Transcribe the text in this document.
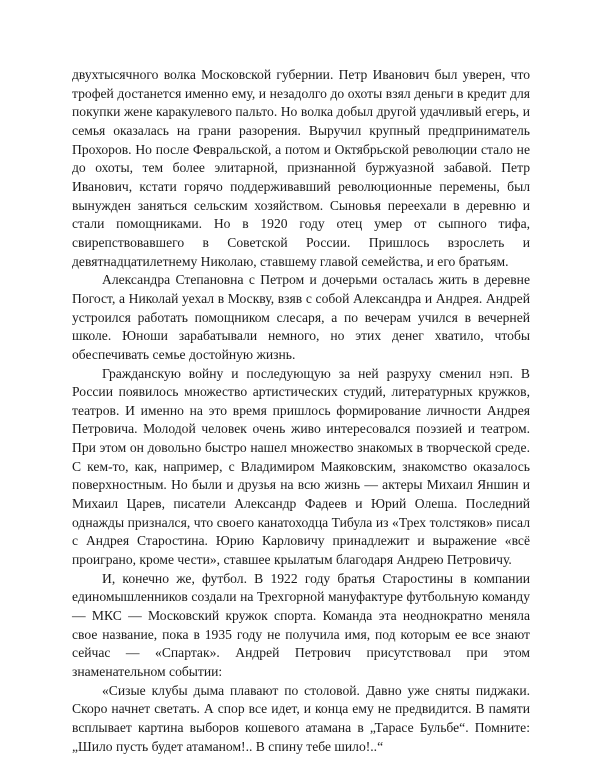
двухтысячного волка Московской губернии. Петр Иванович был уверен, что трофей достанется именно ему, и незадолго до охоты взял деньги в кредит для покупки жене каракулевого пальто. Но волка добыл другой удачливый егерь, и семья оказалась на грани разорения. Выручил крупный предприниматель Прохоров. Но после Февральской, а потом и Октябрьской революции стало не до охоты, тем более элитарной, признанной буржуазной забавой. Петр Иванович, кстати горячо поддерживавший революционные перемены, был вынужден заняться сельским хозяйством. Сыновья переехали в деревню и стали помощниками. Но в 1920 году отец умер от сыпного тифа, свирепствовавшего в Советской России. Пришлось взрослеть и девятнадцатилетнему Николаю, ставшему главой семейства, и его братьям.

Александра Степановна с Петром и дочерьми осталась жить в деревне Погост, а Николай уехал в Москву, взяв с собой Александра и Андрея. Андрей устроился работать помощником слесаря, а по вечерам учился в вечерней школе. Юноши зарабатывали немного, но этих денег хватило, чтобы обеспечивать семье достойную жизнь.

Гражданскую войну и последующую за ней разруху сменил нэп. В России появилось множество артистических студий, литературных кружков, театров. И именно на это время пришлось формирование личности Андрея Петровича. Молодой человек очень живо интересовался поэзией и театром. При этом он довольно быстро нашел множество знакомых в творческой среде. С кем-то, как, например, с Владимиром Маяковским, знакомство оказалось поверхностным. Но были и друзья на всю жизнь — актеры Михаил Яншин и Михаил Царев, писатели Александр Фадеев и Юрий Олеша. Последний однажды признался, что своего канатоходца Тибула из «Трех толстяков» писал с Андрея Старостина. Юрию Карловичу принадлежит и выражение «всё проиграно, кроме чести», ставшее крылатым благодаря Андрею Петровичу.

И, конечно же, футбол. В 1922 году братья Старостины в компании единомышленников создали на Трехгорной мануфактуре футбольную команду — МКС — Московский кружок спорта. Команда эта неоднократно меняла свое название, пока в 1935 году не получила имя, под которым ее все знают сейчас — «Спартак». Андрей Петрович присутствовал при этом знаменательном событии:

«Сизые клубы дыма плавают по столовой. Давно уже сняты пиджаки. Скоро начнет светать. А спор все идет, и конца ему не предвидится. В памяти всплывает картина выборов кошевого атамана в „Тарасе Бульбе“. Помните: „Шило пусть будет атаманом!.. В спину тебе шило!..“
